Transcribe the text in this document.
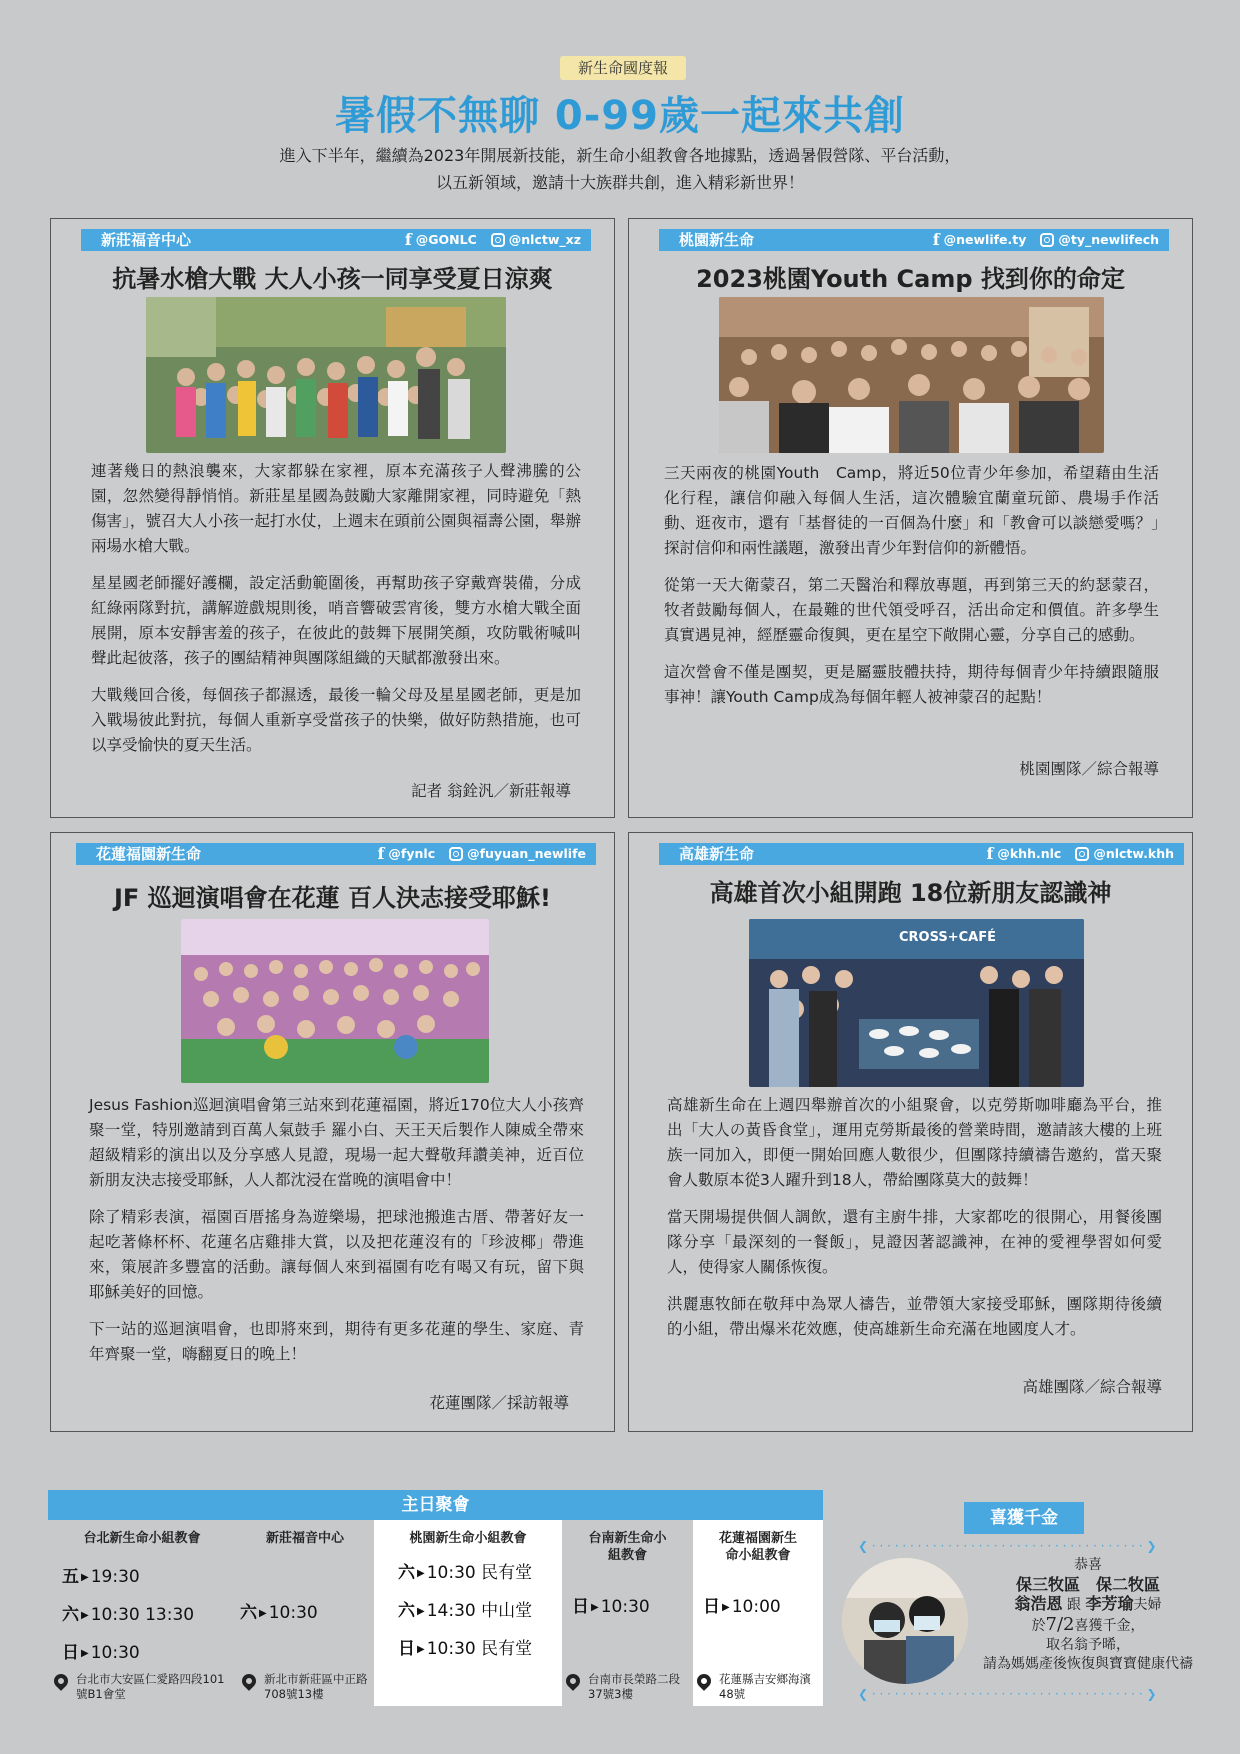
新生命國度報
暑假不無聊 0-99歲一起來共創
進入下半年，繼續為2023年開展新技能，新生命小組教會各地據點，透過暑假營隊、平台活動，
以五新領域，邀請十大族群共創，進入精彩新世界！
新莊福音中心	f @GONLC	@nlctw_xz
抗暑水槍大戰 大人小孩一同享受夏日涼爽

連著幾日的熱浪襲來，大家都躲在家裡，原本充滿孩子人聲沸騰的公園，忽然變得靜悄悄。新莊星星國為鼓勵大家離開家裡，同時避免「熱傷害」，號召大人小孩一起打水仗，上週末在頭前公園與福壽公園，舉辦兩場水槍大戰。

星星國老師擺好護欄，設定活動範圍後，再幫助孩子穿戴齊裝備，分成紅綠兩隊對抗，講解遊戲規則後，哨音響破雲宵後，雙方水槍大戰全面展開，原本安靜害羞的孩子，在彼此的鼓舞下展開笑顏，攻防戰術喊叫聲此起彼落，孩子的團結精神與團隊組織的天賦都激發出來。

大戰幾回合後，每個孩子都濕透，最後一輪父母及星星國老師，更是加入戰場彼此對抗，每個人重新享受當孩子的快樂，做好防熱措施，也可以享受愉快的夏天生活。

記者 翁銓汎／新莊報導
桃園新生命	f @newlife.ty	@ty_newlifech
2023桃園Youth Camp 找到你的命定

三天兩夜的桃園Youth　Camp，將近50位青少年參加，希望藉由生活化行程，讓信仰融入每個人生活，這次體驗宜蘭童玩節、農場手作活動、逛夜市，還有「基督徒的一百個為什麼」和「教會可以談戀愛嗎？」探討信仰和兩性議題，激發出青少年對信仰的新體悟。

從第一天大衛蒙召，第二天醫治和釋放專題，再到第三天的約瑟蒙召，牧者鼓勵每個人，在最難的世代領受呼召，活出命定和價值。許多學生真實遇見神，經歷靈命復興，更在星空下敞開心靈，分享自己的感動。

這次營會不僅是團契，更是屬靈肢體扶持，期待每個青少年持續跟隨服事神！讓Youth Camp成為每個年輕人被神蒙召的起點！

桃園團隊／綜合報導
花蓮福園新生命	f @fynlc	@fuyuan_newlife
JF 巡迴演唱會在花蓮 百人決志接受耶穌!

Jesus Fashion巡迴演唱會第三站來到花蓮福園，將近170位大人小孩齊聚一堂，特別邀請到百萬人氣鼓手 羅小白、天王天后製作人陳威全帶來超級精彩的演出以及分享感人見證，現場一起大聲敬拜讚美神，近百位新朋友決志接受耶穌，人人都沈浸在當晚的演唱會中！

除了精彩表演，福園百厝搖身為遊樂場，把球池搬進古厝、帶著好友一起吃著條杯杯、花蓮名店雞排大賞，以及把花蓮沒有的「珍波椰」帶進來，策展許多豐富的活動。讓每個人來到福園有吃有喝又有玩，留下與耶穌美好的回憶。

下一站的巡迴演唱會，也即將來到，期待有更多花蓮的學生、家庭、青年齊聚一堂，嗨翻夏日的晚上！

花蓮團隊／採訪報導
高雄新生命	f @khh.nlc	@nlctw.khh
高雄首次小組開跑 18位新朋友認識神
CROSS+CAFÉ

高雄新生命在上週四舉辦首次的小組聚會，以克勞斯咖啡廳為平台，推出「大人の黃昏食堂」，運用克勞斯最後的營業時間，邀請該大樓的上班族一同加入，即便一開始回應人數很少，但團隊持續禱告邀約，當天聚會人數原本從3人躍升到18人，帶給團隊莫大的鼓舞！

當天開場提供個人調飲，還有主廚牛排，大家都吃的很開心，用餐後團隊分享「最深刻的一餐飯」，見證因著認識神，在神的愛裡學習如何愛人，使得家人關係恢復。

洪麗惠牧師在敬拜中為眾人禱告，並帶領大家接受耶穌，團隊期待後續的小組，帶出爆米花效應，使高雄新生命充滿在地國度人才。

高雄團隊／綜合報導
主日聚會
台北新生命小組教會
五 ▶ 19:30
六 ▶ 10:30 13:30
日 ▶ 10:30
台北市大安區仁愛路四段101號B1會堂
新莊福音中心
六 ▶ 10:30
新北市新莊區中正路708號13樓
桃園新生命小組教會
六 ▶ 10:30 民有堂
六 ▶ 14:30 中山堂
日 ▶ 10:30 民有堂
台南新生命小組教會
日 ▶ 10:30
台南市長榮路二段37號3樓
花蓮福園新生命小組教會
日 ▶ 10:00
花蓮縣吉安鄉海濱48號
喜獲千金
❮ · · · · · · · · · · · · · · · · · · · · · · · · · · · · · · · · · · · · ❯
❮ · · · · · · · · · · · · · · · · · · · · · · · · · · · · · · · · · · · · ❯
恭喜
保三牧區　保二牧區
翁浩恩 跟 李芳瑜夫婦
於7/2喜獲千金，
取名翁予晞，
請為媽媽產後恢復與寶寶健康代禱
